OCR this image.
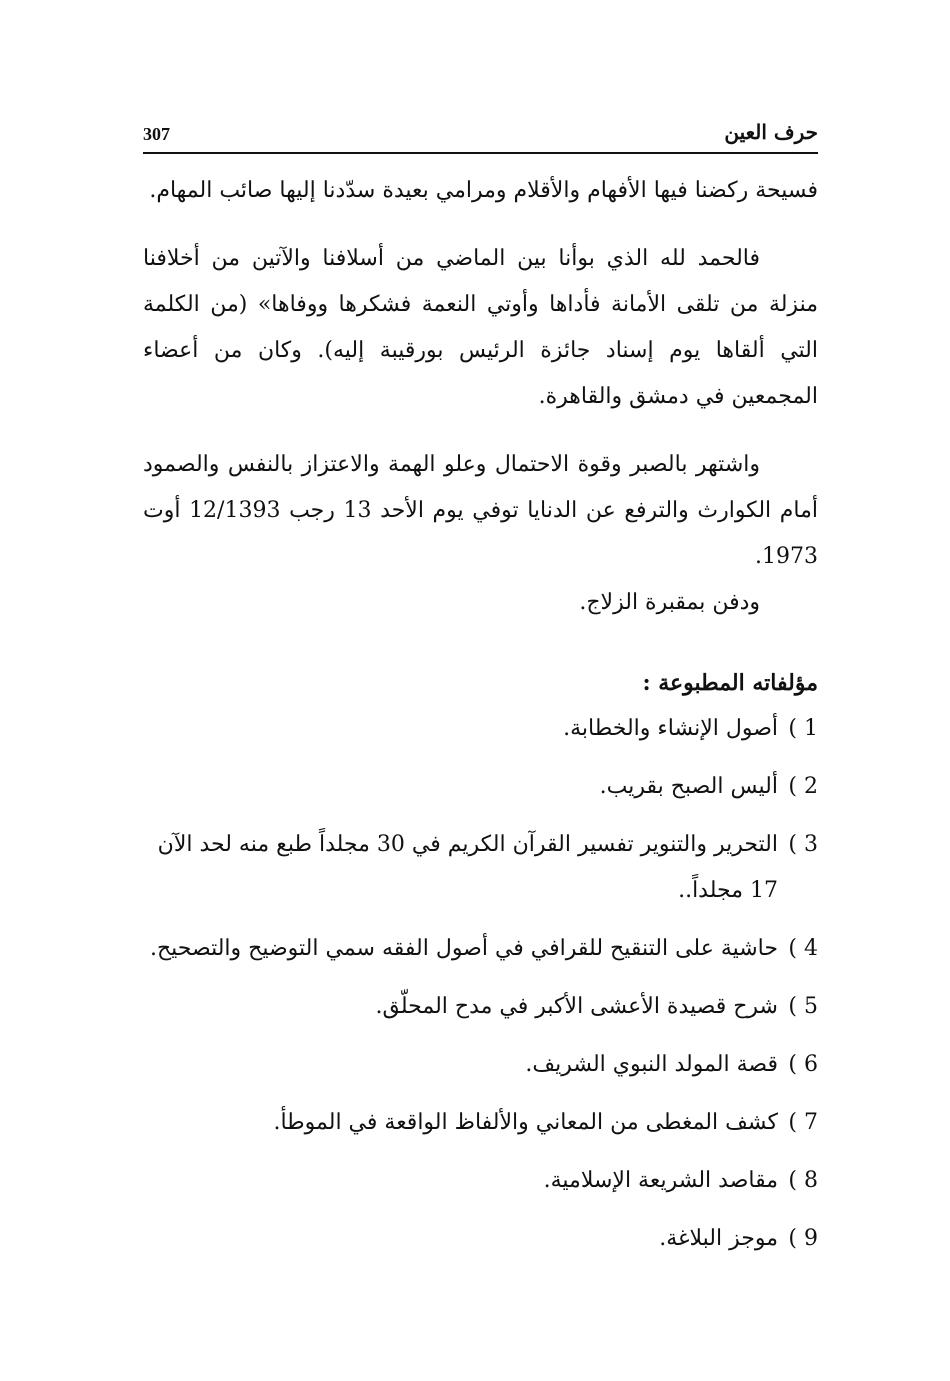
حرف العين
307

فسيحة ركضنا فيها الأفهام والأقلام ومرامي بعيدة سدّدنا إليها صائب المهام.

فالحمد لله الذي بوأنا بين الماضي من أسلافنا والآتين من أخلافنا منزلة من تلقى الأمانة فأداها وأوتي النعمة فشكرها ووفاها» (من الكلمة التي ألقاها يوم إسناد جائزة الرئيس بورقيبة إليه). وكان من أعضاء المجمعين في دمشق والقاهرة.

واشتهر بالصبر وقوة الاحتمال وعلو الهمة والاعتزاز بالنفس والصمود أمام الكوارث والترفع عن الدنايا توفي يوم الأحد 13 رجب 12/1393 أوت 1973.

ودفن بمقبرة الزلاج.

مؤلفاته المطبوعة :

1 )
أصول الإنشاء والخطابة.
2 )
أليس الصبح بقريب.
3 )
التحرير والتنوير تفسير القرآن الكريم في 30 مجلداً طبع منه لحد الآن 17 مجلداً..
4 )
حاشية على التنقيح للقرافي في أصول الفقه سمي التوضيح والتصحيح.
5 )
شرح قصيدة الأعشى الأكبر في مدح المحلّق.
6 )
قصة المولد النبوي الشريف.
7 )
كشف المغطى من المعاني والألفاظ الواقعة في الموطأ.
8 )
مقاصد الشريعة الإسلامية.
9 )
موجز البلاغة.
